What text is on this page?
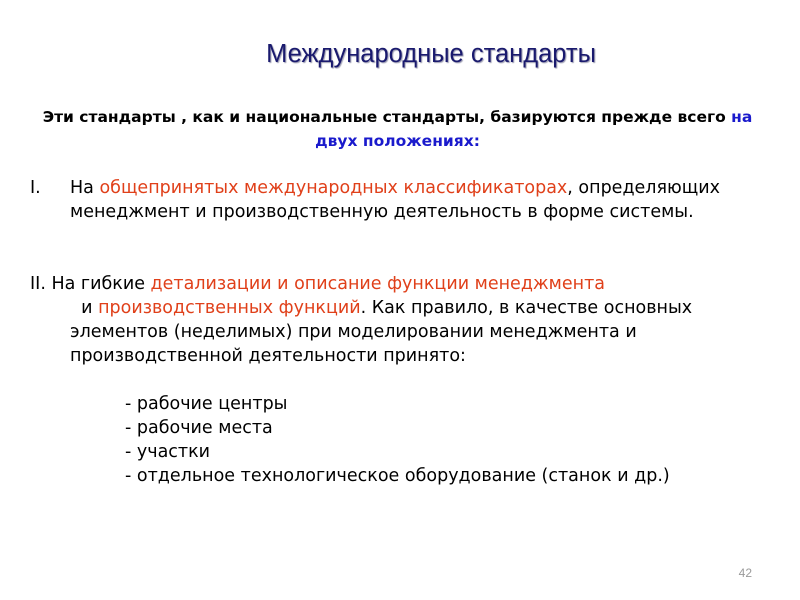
Международные стандарты
Эти стандарты , как и национальные стандарты, базируются прежде всего на двух положениях:
I. На общепринятых международных классификаторах, определяющих менеджмент и производственную деятельность в форме системы.
II. На гибкие детализации и описание функции менеджмента  и производственных функций. Как правило, в качестве основных элементов (неделимых) при моделировании менеджмента и производственной деятельности принято:
- рабочие центры
- рабочие места
- участки
- отдельное технологическое оборудование (станок и др.)
42
